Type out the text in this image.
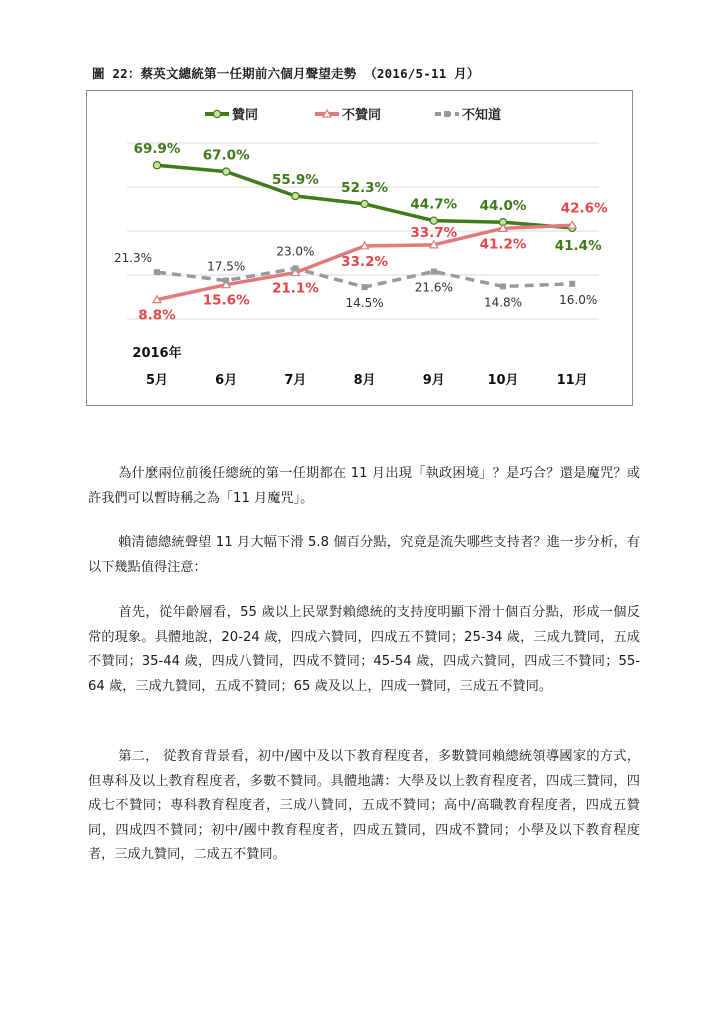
圖 22：蔡英文總統第一任期前六個月聲望走勢 （2016/5-11 月）
贊同	不贊同	不知道
69.9% 67.0%
55.9% 52.3%
44.7% 44.0%
41.4%
8.8%
15.6%
21.1%
33.2%
33.7%
41.2%
42.6%
21.3%
17.5%
23.0%
14.5%
21.6%
14.8%	16.0%
2016年
5月	6月	7月	8月	9月	10月	11月

為什麼兩位前後任總統的第一任期都在 11 月出現「執政困境」？是巧合？還是魔咒？或許我們可以暫時稱之為「11 月魔咒」。

賴清德總統聲望 11 月大幅下滑 5.8 個百分點，究竟是流失哪些支持者？進一步分析，有以下幾點值得注意：

首先，從年齡層看，55 歲以上民眾對賴總統的支持度明顯下滑十個百分點，形成一個反常的現象。具體地說，20-24 歲，四成六贊同，四成五不贊同；25-34 歲，三成九贊同，五成不贊同；35-44 歲，四成八贊同，四成不贊同；45-54 歲，四成六贊同，四成三不贊同；55-64 歲，三成九贊同，五成不贊同；65 歲及以上，四成一贊同，三成五不贊同。

第二， 從教育背景看，初中/國中及以下教育程度者，多數贊同賴總統領導國家的方式，但專科及以上教育程度者，多數不贊同。具體地講：大學及以上教育程度者，四成三贊同，四成七不贊同；專科教育程度者，三成八贊同，五成不贊同；高中/高職教育程度者，四成五贊同，四成四不贊同；初中/國中教育程度者，四成五贊同，四成不贊同；小學及以下教育程度者，三成九贊同，二成五不贊同。
